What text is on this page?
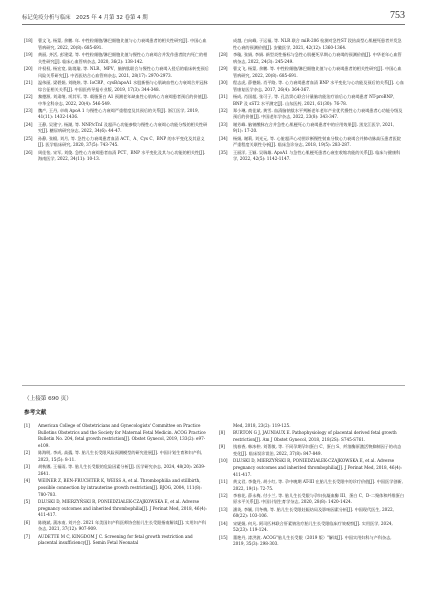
标记免疫分析与临床　2025 年 4 月第 32 卷第 4 期	753
[18] 曹文飞, 杨蒙, 余鹏. 年. 中性粒细胞/淋巴细胞比值与心力衰竭患者的相关性研究[J]. 中国心血管病研究, 2022, 20(8): 685-691.
[19] 黄丽, 齐活, 彭建梁, 等. 中性粒细胞/淋巴细胞比值与慢性心力衰竭合并发作患者院内死亡的相关性研究[J]. 临床心血管病杂志, 2020, 36(2): 138-142.
[20] 许权权, 杨宏宽, 陆境瑜, 等. NLR、MPV、脑钠肽联合与慢性心力衰竭入侵后的临床转变预后风险关系研究[J]. 中西医结合心血管病杂志, 2021, 28(17): 2970-2973.
[21] 温伟丽, 梁碧娟, 刘晓炜, 等. IoCRP、cysB/apoA1 水股新指与心肌缺血性心力衰竭合并冠脉综合征相关关系[J]. 中国医药导报专业版, 2019, 17(3): 344-348.
[22] 黎德源, 刘肃绪, 项其军, 等. 载脂蛋白 A1 预测老年缺血性心肌病心力衰竭患者预后的价值[J]. 中华全科杂志, 2022, 20(4): 546-549.
[23] 魏产, 王丹, 卓萌 ApoA 1 与慢性心力衰竭严重程度及其预后的关系[J]. 浙江医学, 2019, 41(11): 1432-1436.
[24] 王静, 吴建宁, 杨湖, 等. NNP/cTnI 及超声心功能参数与慢性心力衰竭心功能分级的相关性研究[J]. 糖尿病研究杂志, 2022, 34(6): 44-47.
[25] 孙静, 张榴, 刘月, 等. 急性心力衰竭患者血清 ACT、A、Cys C、BNP 的水平变化及其意义[J]. 医学临床研究, 2020, 37(5): 743-745.
[26] 周佳怡, 宋军, 刘俊. 急性心力衰竭患者血清 PCT、BNP 水平变化及其与心功能的相关性[J]. 海南医学, 2022, 34(11): 10-13.
成越, 白向峰, 于运福, 等. NLR 联合 miR-206 检测对急性ST 段抬高型心肌梗死患者并发急性心衰的预测价值[J]. 安徽医学, 2021, 42(12): 1360-1364.
[28] 李璇, 张娟, 李娟. 新型炎性指标与急性心肌梗死早期心力衰竭的预测价值[J]. 中华老年心血管病杂志, 2022, 24(3): 245-249.
[29] 曹文飞, 杨蒙, 余鹏. 等. 中性粒细胞/淋巴细胞比值与心力衰竭患者的相关性研究[J]. 中国心血管病研究, 2022, 20(8): 685-691.
[30] 程志虎, 薛德娟, 肖平路, 等. 心力衰竭患者血清 BNP 水平变化与心功能及预后的关系[J]. 心血管康复医学杂志, 2017, 26(4): 364-367.
[31] 杨成, 肖国超, 张可子, 等. 孔浩窦心联合计量脑功能治疗前后心力衰竭患者 NT-proBNP、BNP 及 sST2 水平测定[J]. 山东医药, 2021, 61(30): 76-78.
[32] 郑小琳, 商佳斌, 黄雪. 血清脑钠肽水平判断老年老年产业优代慢性心力衰竭患者心功能分级及预后的价值[J]. 中国老年学杂志, 2022, 23(8): 343-347.
[33] 谢芳峰. 脑钠酸脉在合并急性心肌梗死心力衰竭患者中的应用效果[J]. 黑龙江医学, 2021, 9(1): 17-20.
[34] 杨娟, 谢莉, 刘光元, 等. 心脏超声心动图诊断慢性射血分数心力衰竭合并肺动脉高压患者医院严重程度关联性分析[J]. 临床急诊杂志, 2018, 19(5): 283-287.
[35] 王丽洋, 王颖. 吴瑞雄. ApoA1 与急性心肌梗死患者心衰室收缩功能的关系[J]. 临床与健康科学, 2022, 42(5): 1142-1147.
（上接第 690 页）
参考文献
[1] American College of Obstetricians and Gynecologists' Committee on Practice Bulletins Obstetrics and the Society for Maternal Fetal Medicin. ACOG Practice Bulletin No. 204, fetal growth restriction[J]. Obstet Gynecol, 2019, 133(2): e97-e109.
[2] 陈海明, 李成, 高孺, 等. 胎儿生长受限风险预测模型的研究进展[J]. 中国计划生育和妇产科, 2023, 15(5): 8-11.
[3] 胡秋娜, 王福雨, 等. 胎儿生长受限的危险因素分析[J]. 医学研究杂志, 2024, 48(20): 2639-2641.
[4] WEINER Z, BEN-FRUCHTER K, WEISS A, et al. Thrombophilia and stillbirth, possible connection by intrauterine growth restriction[J]. BJOG, 2004, 111(8): 780-783.
[5] DLUSKI D, MIERZYŃSKI R, PONIEDZIAŁEK-CZAJKOWSKA E, et al. Adverse pregnancy outcomes and inherited thrombophilia[J]. J Perinat Med, 2018, 46(4): 411-417.
[6] 陈晓斌, 蒲冰南, 刘兴会. 2021 年美国妇产科医师协会胎儿生长受限指南解读[J]. 实用妇产科杂志, 2021, 37(12): 907-909.
[7] AUDETTE M C, KINGDOM J C. Screening for fetal growth restriction and placental insufficiency[J]. Semin Fetal Neonatal
Med, 2018, 23(2): 119-125.
[8] BURTON G J, JAUNIAUX E. Pathophysiology of placental derived fetal growth restriction[J]. Am J Obstet Gynecol, 2018, 218(2S): S745-S761.
[9] 钱春香, 韩冰仲, 刘菁敏, 等. 不同孕期孕妇蛋白 C、蛋白 S、纤溶酶原激活物抑制因子的动态变化[J]. 临床误诊误治, 2022, 37(8): 847-849.
[10] DLUSKI D, MIERZYŃSKI R, PONIEDZIAŁEK-CZAJKOWSKA E, et al. Adverse pregnancy outcomes and inherited thrombophilia[J]. J Perinat Med, 2018, 46(4): 411-417.
[11] 黄文君, 李俊丹, 胡小红, 等. 孕中晚期 AT-III 在胎儿生长受限中的诊疗价值[J]. 中国医学创新, 2022, 19(1): 72-75.
[12] 李春花, 薛永梅, 付小兰, 等. 胎儿生长受限与孕妇抗凝血酶 III、蛋白 C、D-二聚体和纤维蛋白原水平关系[J]. 中国计划生育学杂志, 2020, 28(8): 1420-1424.
[13] 潘英, 李颖, 闫冬梅, 等. 胎儿生长受限妊娠结局及影响因素分析[J]. 中国现代医生, 2022, 60(22): 103-106.
[14] 宋妮娟, 何凡. 阿司匹林联合肝素钠治疗胎儿生长受限临床疗效观察[J]. 实用医学, 2024, 52(23): 119-124.
[15] 董艳丹, 漆洪波. ACOG"胎儿生长受限（2019 版）"解读[J]. 中国实用妇科与产科杂志, 2019, 35(3): 298-303.
